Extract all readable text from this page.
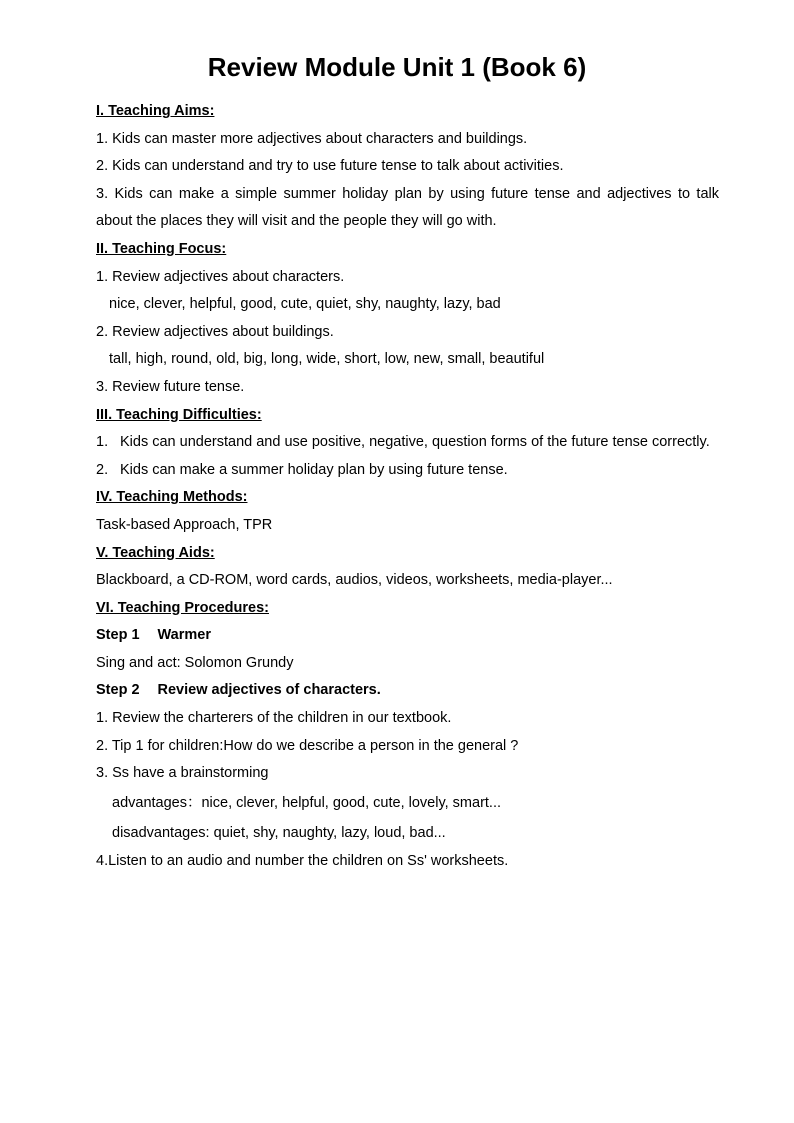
Review Module Unit 1 (Book 6)
I. Teaching Aims:
1. Kids can master more adjectives about characters and buildings.
2. Kids can understand and try to use future tense to talk about activities.
3. Kids can make a simple summer holiday plan by using future tense and adjectives to talk about the places they will visit and the people they will go with.
II. Teaching Focus:
1. Review adjectives about characters.
nice, clever, helpful, good, cute, quiet, shy, naughty, lazy, bad
2. Review adjectives about buildings.
tall, high, round, old, big, long, wide, short, low, new, small, beautiful
3. Review future tense.
III. Teaching Difficulties:
1. Kids can understand and use positive, negative, question forms of the future tense correctly.
2. Kids can make a summer holiday plan by using future tense.
IV. Teaching Methods:
Task-based Approach, TPR
V. Teaching Aids:
Blackboard, a CD-ROM, word cards, audios, videos, worksheets, media-player...
VI. Teaching Procedures:
Step 1 Warmer
Sing and act: Solomon Grundy
Step 2 Review adjectives of characters.
1. Review the charterers of the children in our textbook.
2. Tip 1 for children:How do we describe a person in the general ?
3. Ss have a brainstorming
advantages：nice, clever, helpful, good, cute, lovely, smart...
disadvantages: quiet, shy, naughty, lazy, loud, bad...
4.Listen to an audio and number the children on Ss' worksheets.
